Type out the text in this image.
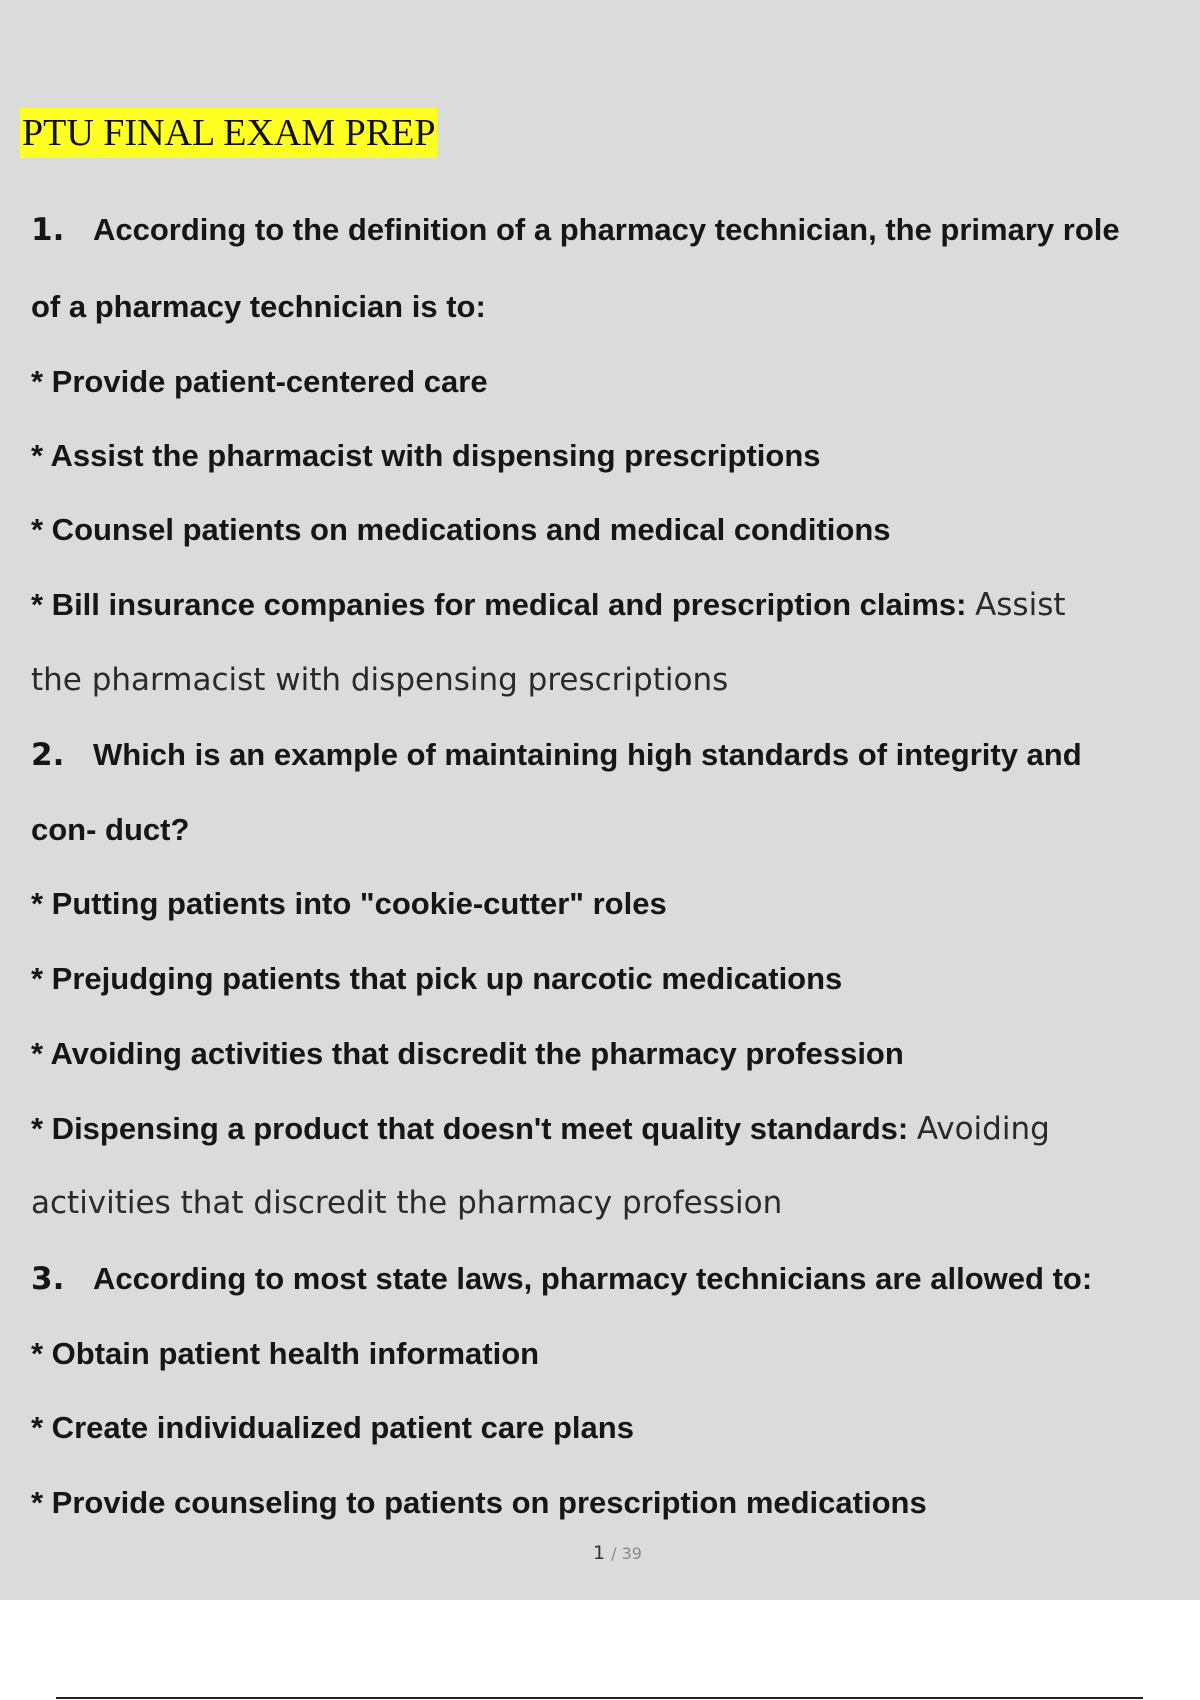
PTU FINAL EXAM PREP
1. According to the definition of a pharmacy technician, the primary role
of a pharmacy technician is to:
* Provide patient-centered care
* Assist the pharmacist with dispensing prescriptions
* Counsel patients on medications and medical conditions
* Bill insurance companies for medical and prescription claims: Assist
the pharmacist with dispensing prescriptions
2. Which is an example of maintaining high standards of integrity and
con- duct?
* Putting patients into "cookie-cutter" roles
* Prejudging patients that pick up narcotic medications
* Avoiding activities that discredit the pharmacy profession
* Dispensing a product that doesn't meet quality standards: Avoiding
activities that discredit the pharmacy profession
3. According to most state laws, pharmacy technicians are allowed to:
* Obtain patient health information
* Create individualized patient care plans
* Provide counseling to patients on prescription medications
1 / 39
